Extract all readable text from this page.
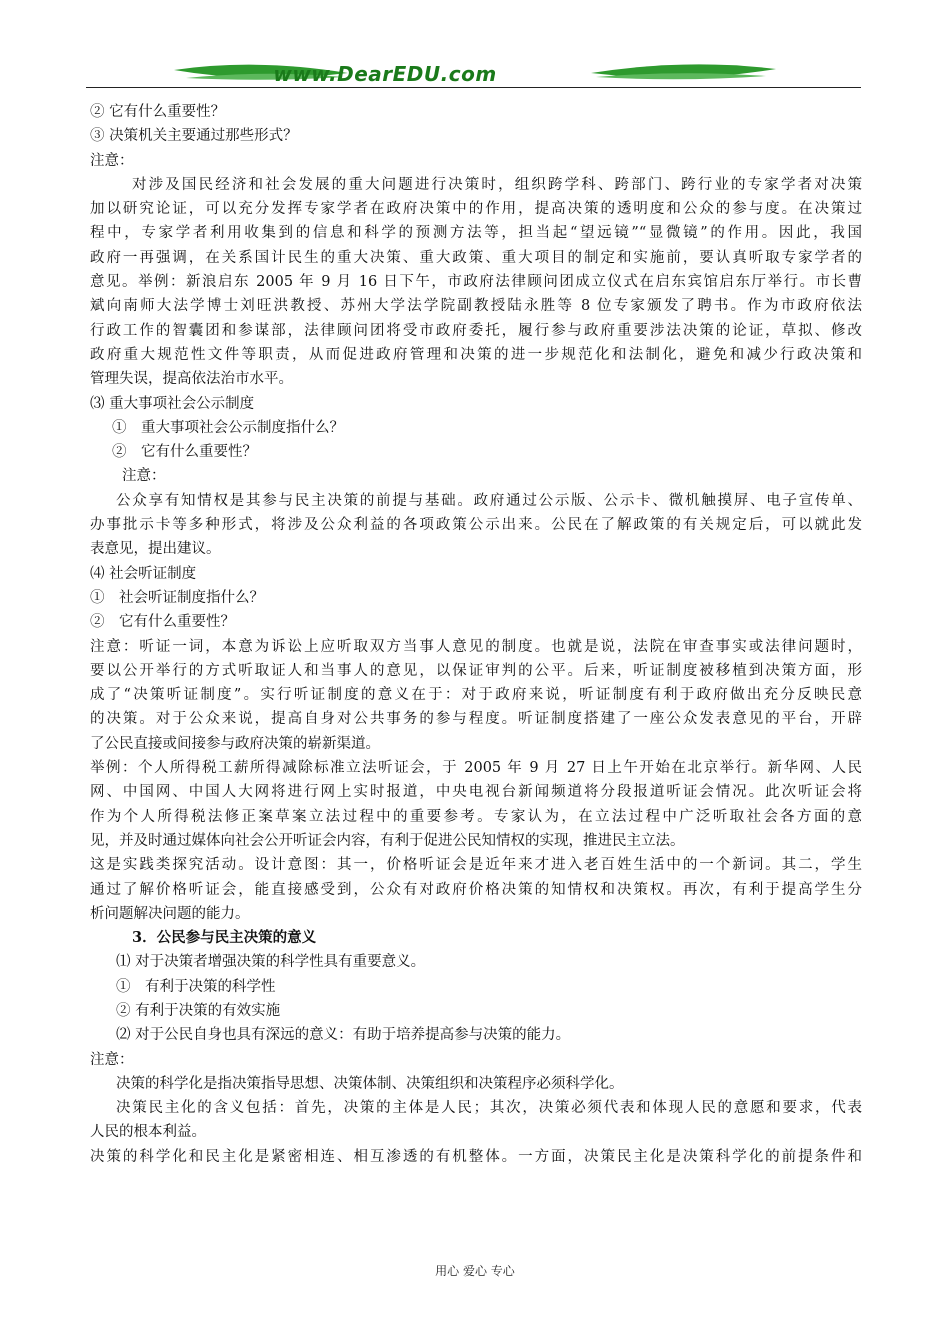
www.DearEDU.com
② 它有什么重要性？
③ 决策机关主要通过那些形式？
注意：
对涉及国民经济和社会发展的重大问题进行决策时，组织跨学科、跨部门、跨行业的专家学者对决策
加以研究论证，可以充分发挥专家学者在政府决策中的作用，提高决策的透明度和公众的参与度。在决策过
程中，专家学者利用收集到的信息和科学的预测方法等，担当起“望远镜”“显微镜”的作用。因此，我国
政府一再强调，在关系国计民生的重大决策、重大政策、重大项目的制定和实施前，要认真听取专家学者的
意见。举例：新浪启东 2005 年 9 月 16 日下午，市政府法律顾问团成立仪式在启东宾馆启东厅举行。市长曹
斌向南师大法学博士刘旺洪教授、苏州大学法学院副教授陆永胜等 8 位专家颁发了聘书。作为市政府依法
行政工作的智囊团和参谋部，法律顾问团将受市政府委托，履行参与政府重要涉法决策的论证，草拟、修改
政府重大规范性文件等职责，从而促进政府管理和决策的进一步规范化和法制化，避免和减少行政决策和
管理失误，提高依法治市水平。
⑶ 重大事项社会公示制度
①　重大事项社会公示制度指什么？
②　它有什么重要性？
注意：
公众享有知情权是其参与民主决策的前提与基础。政府通过公示版、公示卡、微机触摸屏、电子宣传单、
办事批示卡等多种形式，将涉及公众利益的各项政策公示出来。公民在了解政策的有关规定后，可以就此发
表意见，提出建议。
⑷ 社会听证制度
①　社会听证制度指什么？
②　它有什么重要性？
注意：听证一词，本意为诉讼上应听取双方当事人意见的制度。也就是说，法院在审查事实或法律问题时，
要以公开举行的方式听取证人和当事人的意见，以保证审判的公平。后来，听证制度被移植到决策方面，形
成了“决策听证制度”。实行听证制度的意义在于：对于政府来说，听证制度有利于政府做出充分反映民意
的决策。对于公众来说，提高自身对公共事务的参与程度。听证制度搭建了一座公众发表意见的平台，开辟
了公民直接或间接参与政府决策的崭新渠道。
举例：个人所得税工薪所得减除标准立法听证会，于 2005 年 9 月 27 日上午开始在北京举行。新华网、人民
网、中国网、中国人大网将进行网上实时报道，中央电视台新闻频道将分段报道听证会情况。此次听证会将
作为个人所得税法修正案草案立法过程中的重要参考。专家认为，在立法过程中广泛听取社会各方面的意
见，并及时通过媒体向社会公开听证会内容，有利于促进公民知情权的实现，推进民主立法。
这是实践类探究活动。设计意图：其一，价格听证会是近年来才进入老百姓生活中的一个新词。其二，学生
通过了解价格听证会，能直接感受到，公众有对政府价格决策的知情权和决策权。再次，有利于提高学生分
析问题解决问题的能力。
3．公民参与民主决策的意义
⑴ 对于决策者增强决策的科学性具有重要意义。
①　有利于决策的科学性
② 有利于决策的有效实施
⑵ 对于公民自身也具有深远的意义：有助于培养提高参与决策的能力。
注意：
决策的科学化是指决策指导思想、决策体制、决策组织和决策程序必须科学化。
决策民主化的含义包括：首先，决策的主体是人民；其次，决策必须代表和体现人民的意愿和要求，代表
人民的根本利益。
决策的科学化和民主化是紧密相连、相互渗透的有机整体。一方面，决策民主化是决策科学化的前提条件和
用心 爱心 专心
